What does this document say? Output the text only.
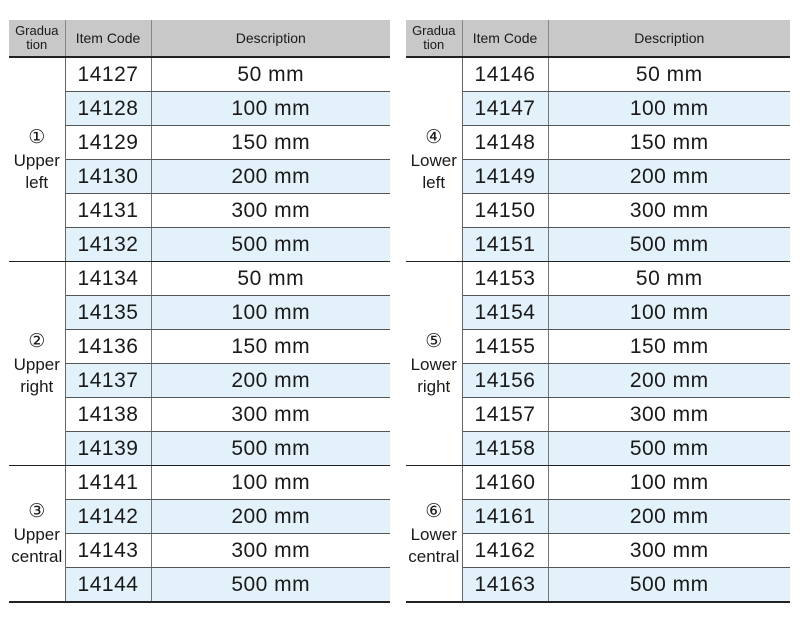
Gradua tion	Item Code	Description

①
Upper left	14127	50 mm
	14128	100 mm
	14129	150 mm
	14130	200 mm
	14131	300 mm
	14132	500 mm

②
Upper right	14134	50 mm
	14135	100 mm
	14136	150 mm
	14137	200 mm
	14138	300 mm
	14139	500 mm

③
Upper central	14141	100 mm
	14142	200 mm
	14143	300 mm
	14144	500 mm
Gradua tion	Item Code	Description

④
Lower left	14146	50 mm
	14147	100 mm
	14148	150 mm
	14149	200 mm
	14150	300 mm
	14151	500 mm

⑤
Lower right	14153	50 mm
	14154	100 mm
	14155	150 mm
	14156	200 mm
	14157	300 mm
	14158	500 mm

⑥
Lower central	14160	100 mm
	14161	200 mm
	14162	300 mm
	14163	500 mm
